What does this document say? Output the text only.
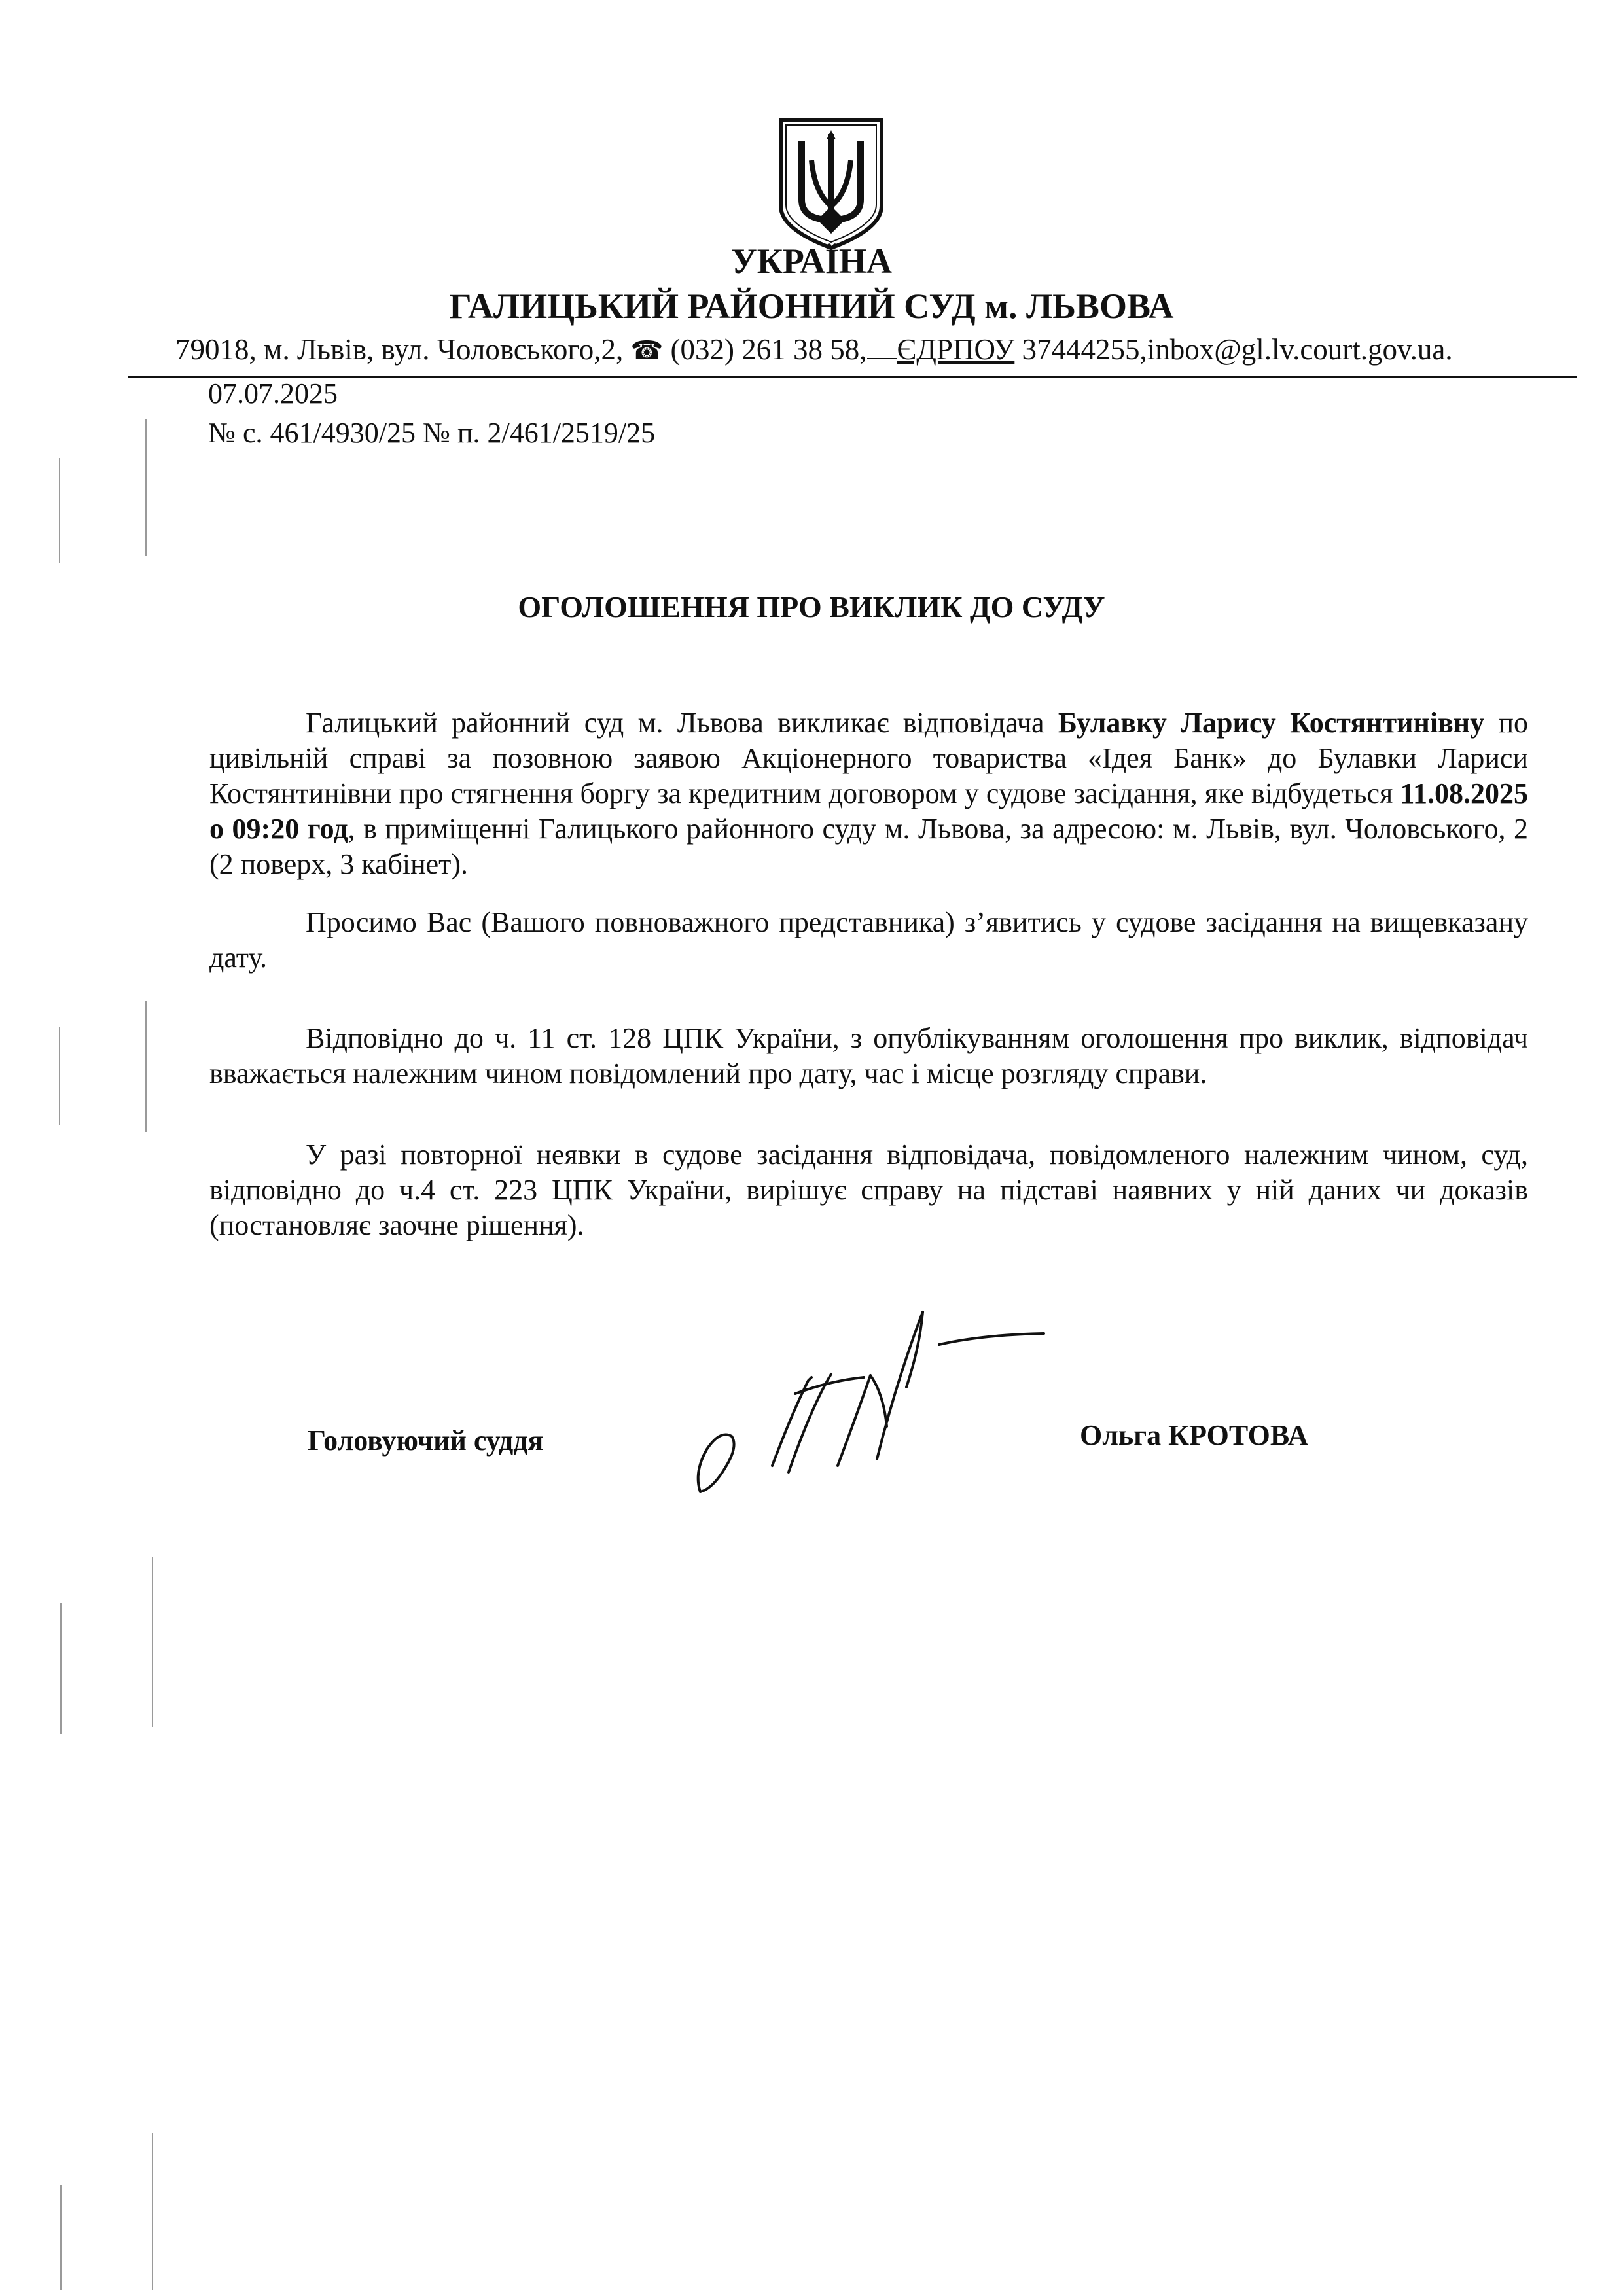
УКРАЇНА
ГАЛИЦЬКИЙ РАЙОННИЙ СУД м. ЛЬВОВА
79018, м. Львів, вул. Чоловського,2, ☎ (032) 261 38 58, ЄДРПОУ 37444255,inbox@gl.lv.court.gov.ua.
07.07.2025
№ с. 461/4930/25 № п. 2/461/2519/25
ОГОЛОШЕННЯ ПРО ВИКЛИК ДО СУДУ

Галицький районний суд м. Львова викликає відповідача Булавку Ларису Костянтинівну по цивільній справі за позовною заявою Акціонерного товариства «Ідея Банк» до Булавки Лариси Костянтинівни про стягнення боргу за кредитним договором у судове засідання, яке відбудеться 11.08.2025 о 09:20 год, в приміщенні Галицького районного суду м. Львова, за адресою: м. Львів, вул. Чоловського, 2 (2 поверх, 3 кабінет).

Просимо Вас (Вашого повноважного представника) з’явитись у судове засідання на вищевказану дату.

Відповідно до ч. 11 ст. 128 ЦПК України, з опублікуванням оголошення про виклик, відповідач вважається належним чином повідомлений про дату, час і місце розгляду справи.

У разі повторної неявки в судове засідання відповідача, повідомленого належним чином, суд, відповідно до ч.4 ст. 223 ЦПК України, вирішує справу на підставі наявних у ній даних чи доказів (постановляє заочне рішення).

Головуючий суддя	Ольга КРОТОВА
